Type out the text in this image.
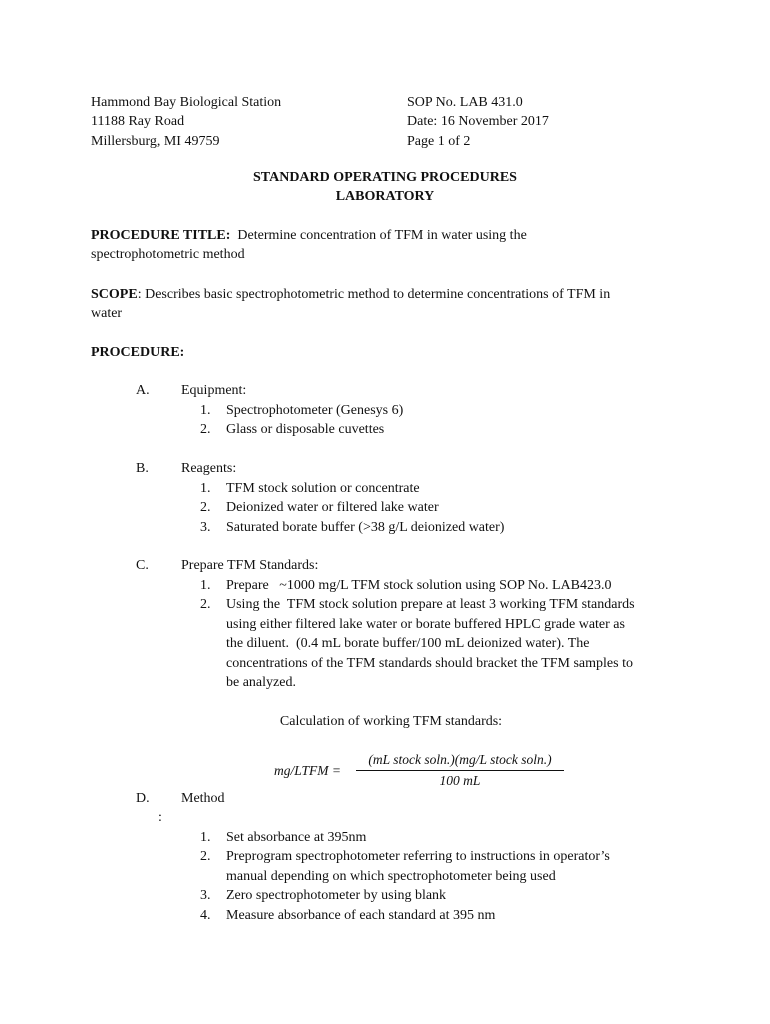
Hammond Bay Biological Station
11188 Ray Road
Millersburg, MI 49759
SOP No. LAB 431.0
Date: 16 November 2017
Page 1 of 2
STANDARD OPERATING PROCEDURES
LABORATORY
PROCEDURE TITLE: Determine concentration of TFM in water using the
spectrophotometric method
SCOPE: Describes basic spectrophotometric method to determine concentrations of TFM in
water
PROCEDURE:
A. Equipment:
1. Spectrophotometer (Genesys 6)
2. Glass or disposable cuvettes
B. Reagents:
1. TFM stock solution or concentrate
2. Deionized water or filtered lake water
3. Saturated borate buffer (>38 g/L deionized water)
C. Prepare TFM Standards:
1. Prepare   ~1000 mg/L TFM stock solution using SOP No. LAB423.0
2. Using the  TFM stock solution prepare at least 3 working TFM standards
using either filtered lake water or borate buffered HPLC grade water as
the diluent.  (0.4 mL borate buffer/100 mL deionized water). The
concentrations of the TFM standards should bracket the TFM samples to
be analyzed.
Calculation of working TFM standards:
mg/LTFM =
(mL stock soln.)(mg/L stock soln.)
100 mL
D. Method
:
1. Set absorbance at 395nm
2. Preprogram spectrophotometer referring to instructions in operator’s
manual depending on which spectrophotometer being used
3. Zero spectrophotometer by using blank
4. Measure absorbance of each standard at 395 nm
